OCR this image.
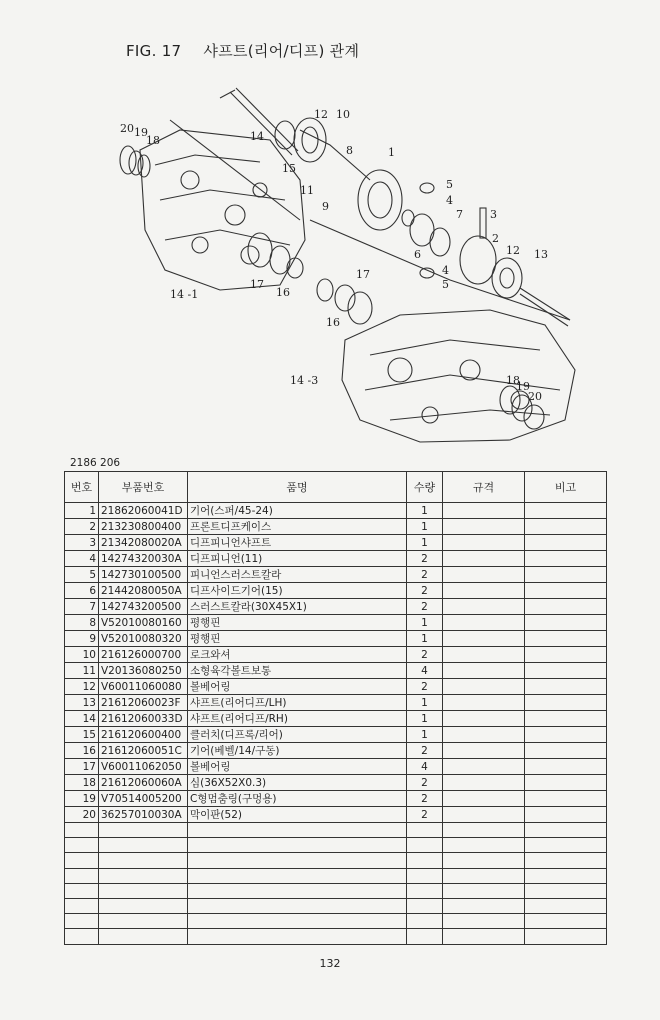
FIG. 17 샤프트(리어/디프) 관계
20 19
18	14
12 10
8	1
15
11
9
5
4
7 3
6
2
12 13
17
16
14 -1
17
16
4
5
14 -3	18
19
20
2186 206
번호	부품번호	품명	수량	규격	비고
1	21862060041D	기어(스퍼/45-24)	1		
2	213230800400	프론트디프케이스	1		
3	21342080020A	디프피니언샤프트	1		
4	14274320030A	디프피니언(11)	2		
5	142730100500	피니언스러스트칼라	2		
6	21442080050A	디프사이드기어(15)	2		
7	142743200500	스러스트칼라(30X45X1)	2		
8	V52010080160	평행핀	1		
9	V52010080320	평행핀	1		
10	216126000700	로크와셔	2		
11	V20136080250	소형육각볼트보통	4		
12	V60011060080	볼베어링	2		
13	21612060023F	샤프트(리어디프/LH)	1		
14	21612060033D	샤프트(리어디프/RH)	1		
15	216120600400	클러치(디프록/리어)	1		
16	21612060051C	기어(베벨/14/구동)	2		
17	V60011062050	볼베어링	4		
18	21612060060A	심(36X52X0.3)	2		
19	V70514005200	C형멈춤링(구멍용)	2		
20	36257010030A	막이판(52)	2		

132
